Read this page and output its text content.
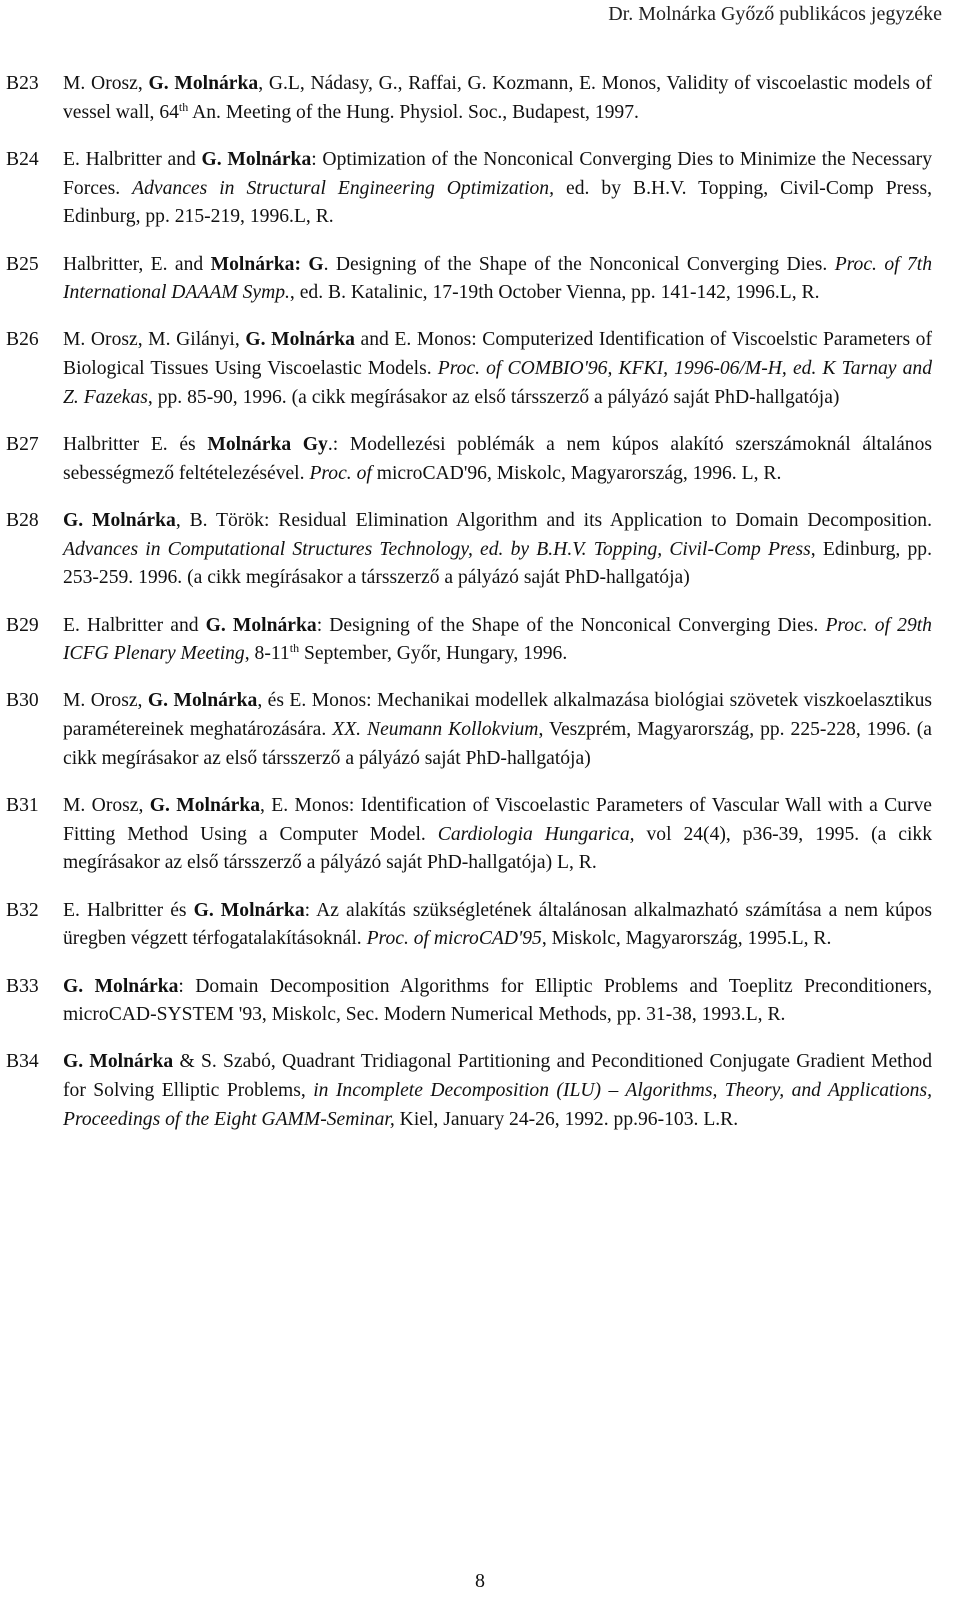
Dr. Molnárka Győző publikácos jegyzéke
B23	M. Orosz, G. Molnárka, G.L, Nádasy, G., Raffai, G. Kozmann, E. Monos, Validity of viscoelastic models of vessel wall, 64th An. Meeting of the Hung. Physiol. Soc., Budapest, 1997.
B24	E. Halbritter and G. Molnárka: Optimization of the Nonconical Converging Dies to Minimize the Necessary Forces. Advances in Structural Engineering Optimization, ed. by B.H.V. Topping, Civil-Comp Press, Edinburg, pp. 215-219, 1996.L, R.
B25	Halbritter, E. and Molnárka: G. Designing of the Shape of the Nonconical Converging Dies. Proc. of 7th International DAAAM Symp., ed. B. Katalinic, 17-19th October Vienna, pp. 141-142, 1996.L, R.
B26	M. Orosz, M. Gilányi, G. Molnárka and E. Monos: Computerized Identification of Viscoelstic Parameters of Biological Tissues Using Viscoelastic Models. Proc. of COMBIO'96, KFKI, 1996-06/M-H, ed. K Tarnay and Z. Fazekas, pp. 85-90, 1996. (a cikk megírásakor az első társszerző a pályázó saját PhD-hallgatója)
B27	Halbritter E. és Molnárka Gy.: Modellezési poblémák a nem kúpos alakító szerszámoknál általános sebességmező feltételezésével. Proc. of microCAD'96, Miskolc, Magyarország, 1996. L, R.
B28	G. Molnárka, B. Török: Residual Elimination Algorithm and its Application to Domain Decomposition. Advances in Computational Structures Technology, ed. by B.H.V. Topping, Civil-Comp Press, Edinburg, pp. 253-259. 1996. (a cikk megírásakor a társszerző a pályázó saját PhD-hallgatója)
B29	E. Halbritter and G. Molnárka: Designing of the Shape of the Nonconical Converging Dies. Proc. of 29th ICFG Plenary Meeting, 8-11th September, Győr, Hungary, 1996.
B30	M. Orosz, G. Molnárka, és E. Monos: Mechanikai modellek alkalmazása biológiai szövetek viszkoelasztikus paramétereinek meghatározására. XX. Neumann Kollokvium, Veszprém, Magyarország, pp. 225-228, 1996. (a cikk megírásakor az első társszerző a pályázó saját PhD-hallgatója)
B31	M. Orosz, G. Molnárka, E. Monos: Identification of Viscoelastic Parameters of Vascular Wall with a Curve Fitting Method Using a Computer Model. Cardiologia Hungarica, vol 24(4), p36-39, 1995. (a cikk megírásakor az első társszerző a pályázó saját PhD-hallgatója) L, R.
B32	E. Halbritter és G. Molnárka: Az alakítás szükségletének általánosan alkalmazható számítása a nem kúpos üregben végzett térfogatalakításoknál. Proc. of microCAD'95, Miskolc, Magyarország, 1995.L, R.
B33	G. Molnárka: Domain Decomposition Algorithms for Elliptic Problems and Toeplitz Preconditioners, microCAD-SYSTEM '93, Miskolc, Sec. Modern Numerical Methods, pp. 31-38, 1993.L, R.
B34	G. Molnárka & S. Szabó, Quadrant Tridiagonal Partitioning and Peconditioned Conjugate Gradient Method for Solving Elliptic Problems, in Incomplete Decomposition (ILU) – Algorithms, Theory, and Applications, Proceedings of the Eight GAMM-Seminar, Kiel, January 24-26, 1992. pp.96-103. L.R.
8
